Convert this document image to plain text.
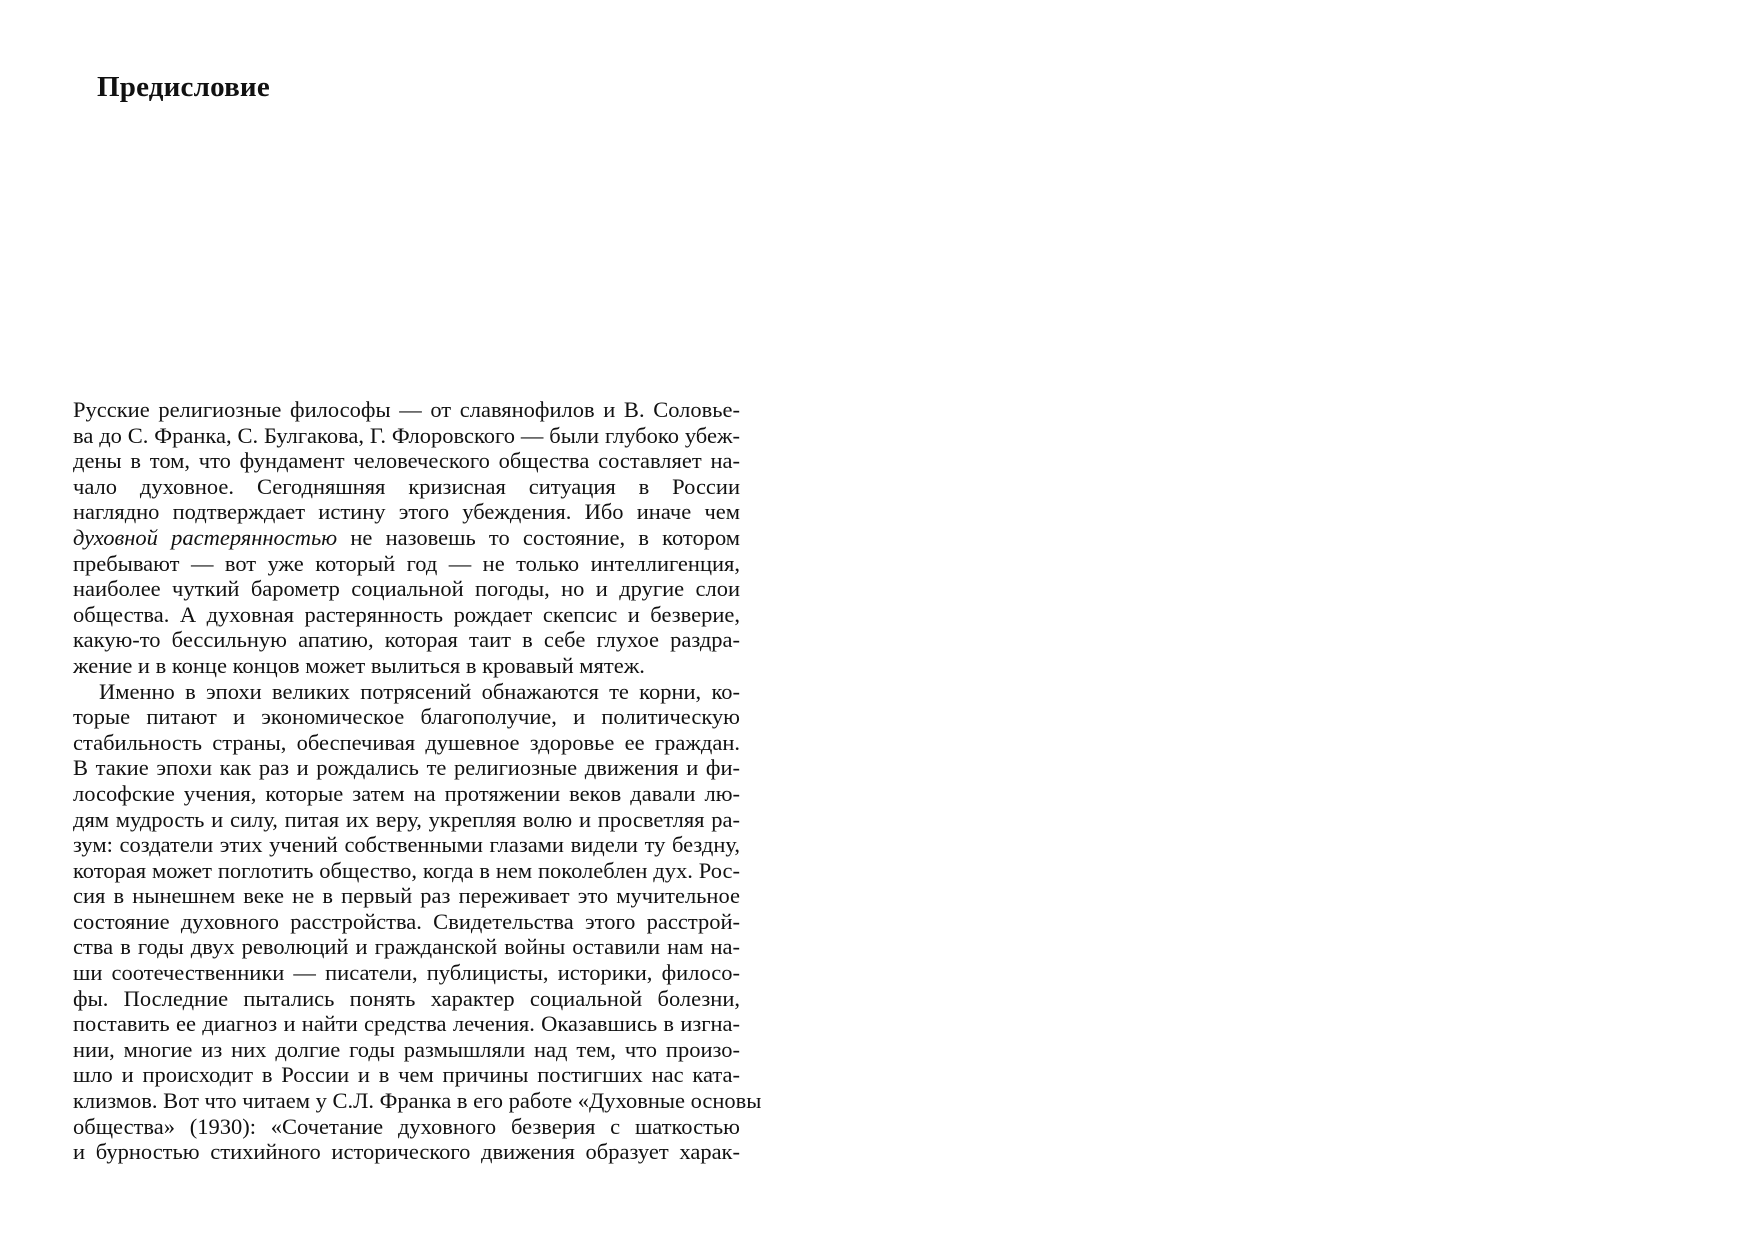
Предисловие
Русские религиозные философы — от славянофилов и В. Соловье-
ва до С. Франка, С. Булгакова, Г. Флоровского — были глубоко убеж-
дены в том, что фундамент человеческого общества составляет на-
чало духовное. Сегодняшняя кризисная ситуация в России
наглядно подтверждает истину этого убеждения. Ибо иначе чем
духовной растерянностью не назовешь то состояние, в котором
пребывают — вот уже который год — не только интеллигенция,
наиболее чуткий барометр социальной погоды, но и другие слои
общества. А духовная растерянность рождает скепсис и безверие,
какую-то бессильную апатию, которая таит в себе глухое раздра-
жение и в конце концов может вылиться в кровавый мятеж.
Именно в эпохи великих потрясений обнажаются те корни, ко-
торые питают и экономическое благополучие, и политическую
стабильность страны, обеспечивая душевное здоровье ее граждан.
В такие эпохи как раз и рождались те религиозные движения и фи-
лософские учения, которые затем на протяжении веков давали лю-
дям мудрость и силу, питая их веру, укрепляя волю и просветляя ра-
зум: создатели этих учений собственными глазами видели ту бездну,
которая может поглотить общество, когда в нем поколеблен дух. Рос-
сия в нынешнем веке не в первый раз переживает это мучительное
состояние духовного расстройства. Свидетельства этого расстрой-
ства в годы двух революций и гражданской войны оставили нам на-
ши соотечественники — писатели, публицисты, историки, филосо-
фы. Последние пытались понять характер социальной болезни,
поставить ее диагноз и найти средства лечения. Оказавшись в изгна-
нии, многие из них долгие годы размышляли над тем, что произо-
шло и происходит в России и в чем причины постигших нас ката-
клизмов. Вот что читаем у С.Л. Франка в его работе «Духовные основы
общества» (1930): «Сочетание духовного безверия с шаткостью
и бурностью стихийного исторического движения образует харак-
